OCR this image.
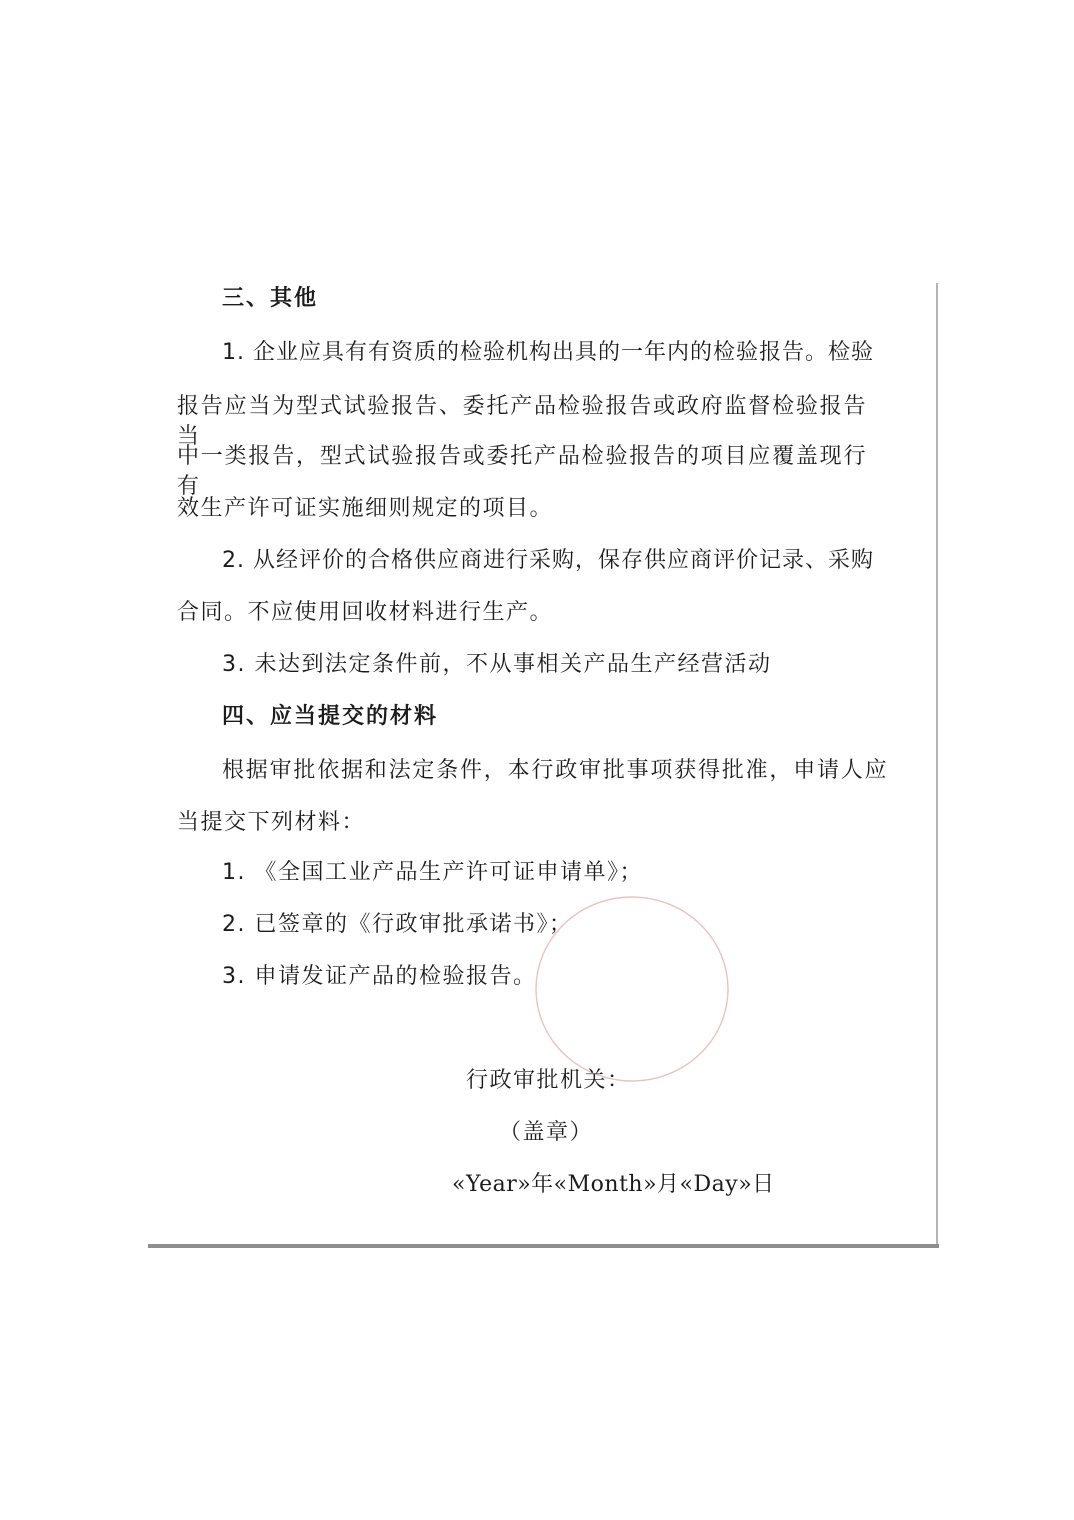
三、其他
1. 企业应具有有资质的检验机构出具的一年内的检验报告。检验
报告应当为型式试验报告、委托产品检验报告或政府监督检验报告当
中一类报告，型式试验报告或委托产品检验报告的项目应覆盖现行有
效生产许可证实施细则规定的项目。
2. 从经评价的合格供应商进行采购，保存供应商评价记录、采购
合同。不应使用回收材料进行生产。
3. 未达到法定条件前，不从事相关产品生产经营活动
四、应当提交的材料
根据审批依据和法定条件，本行政审批事项获得批准，申请人应
当提交下列材料：
1. 《全国工业产品生产许可证申请单》；
2. 已签章的《行政审批承诺书》；
3. 申请发证产品的检验报告。
行政审批机关：
（盖章）
«Year»年«Month»月«Day»日
